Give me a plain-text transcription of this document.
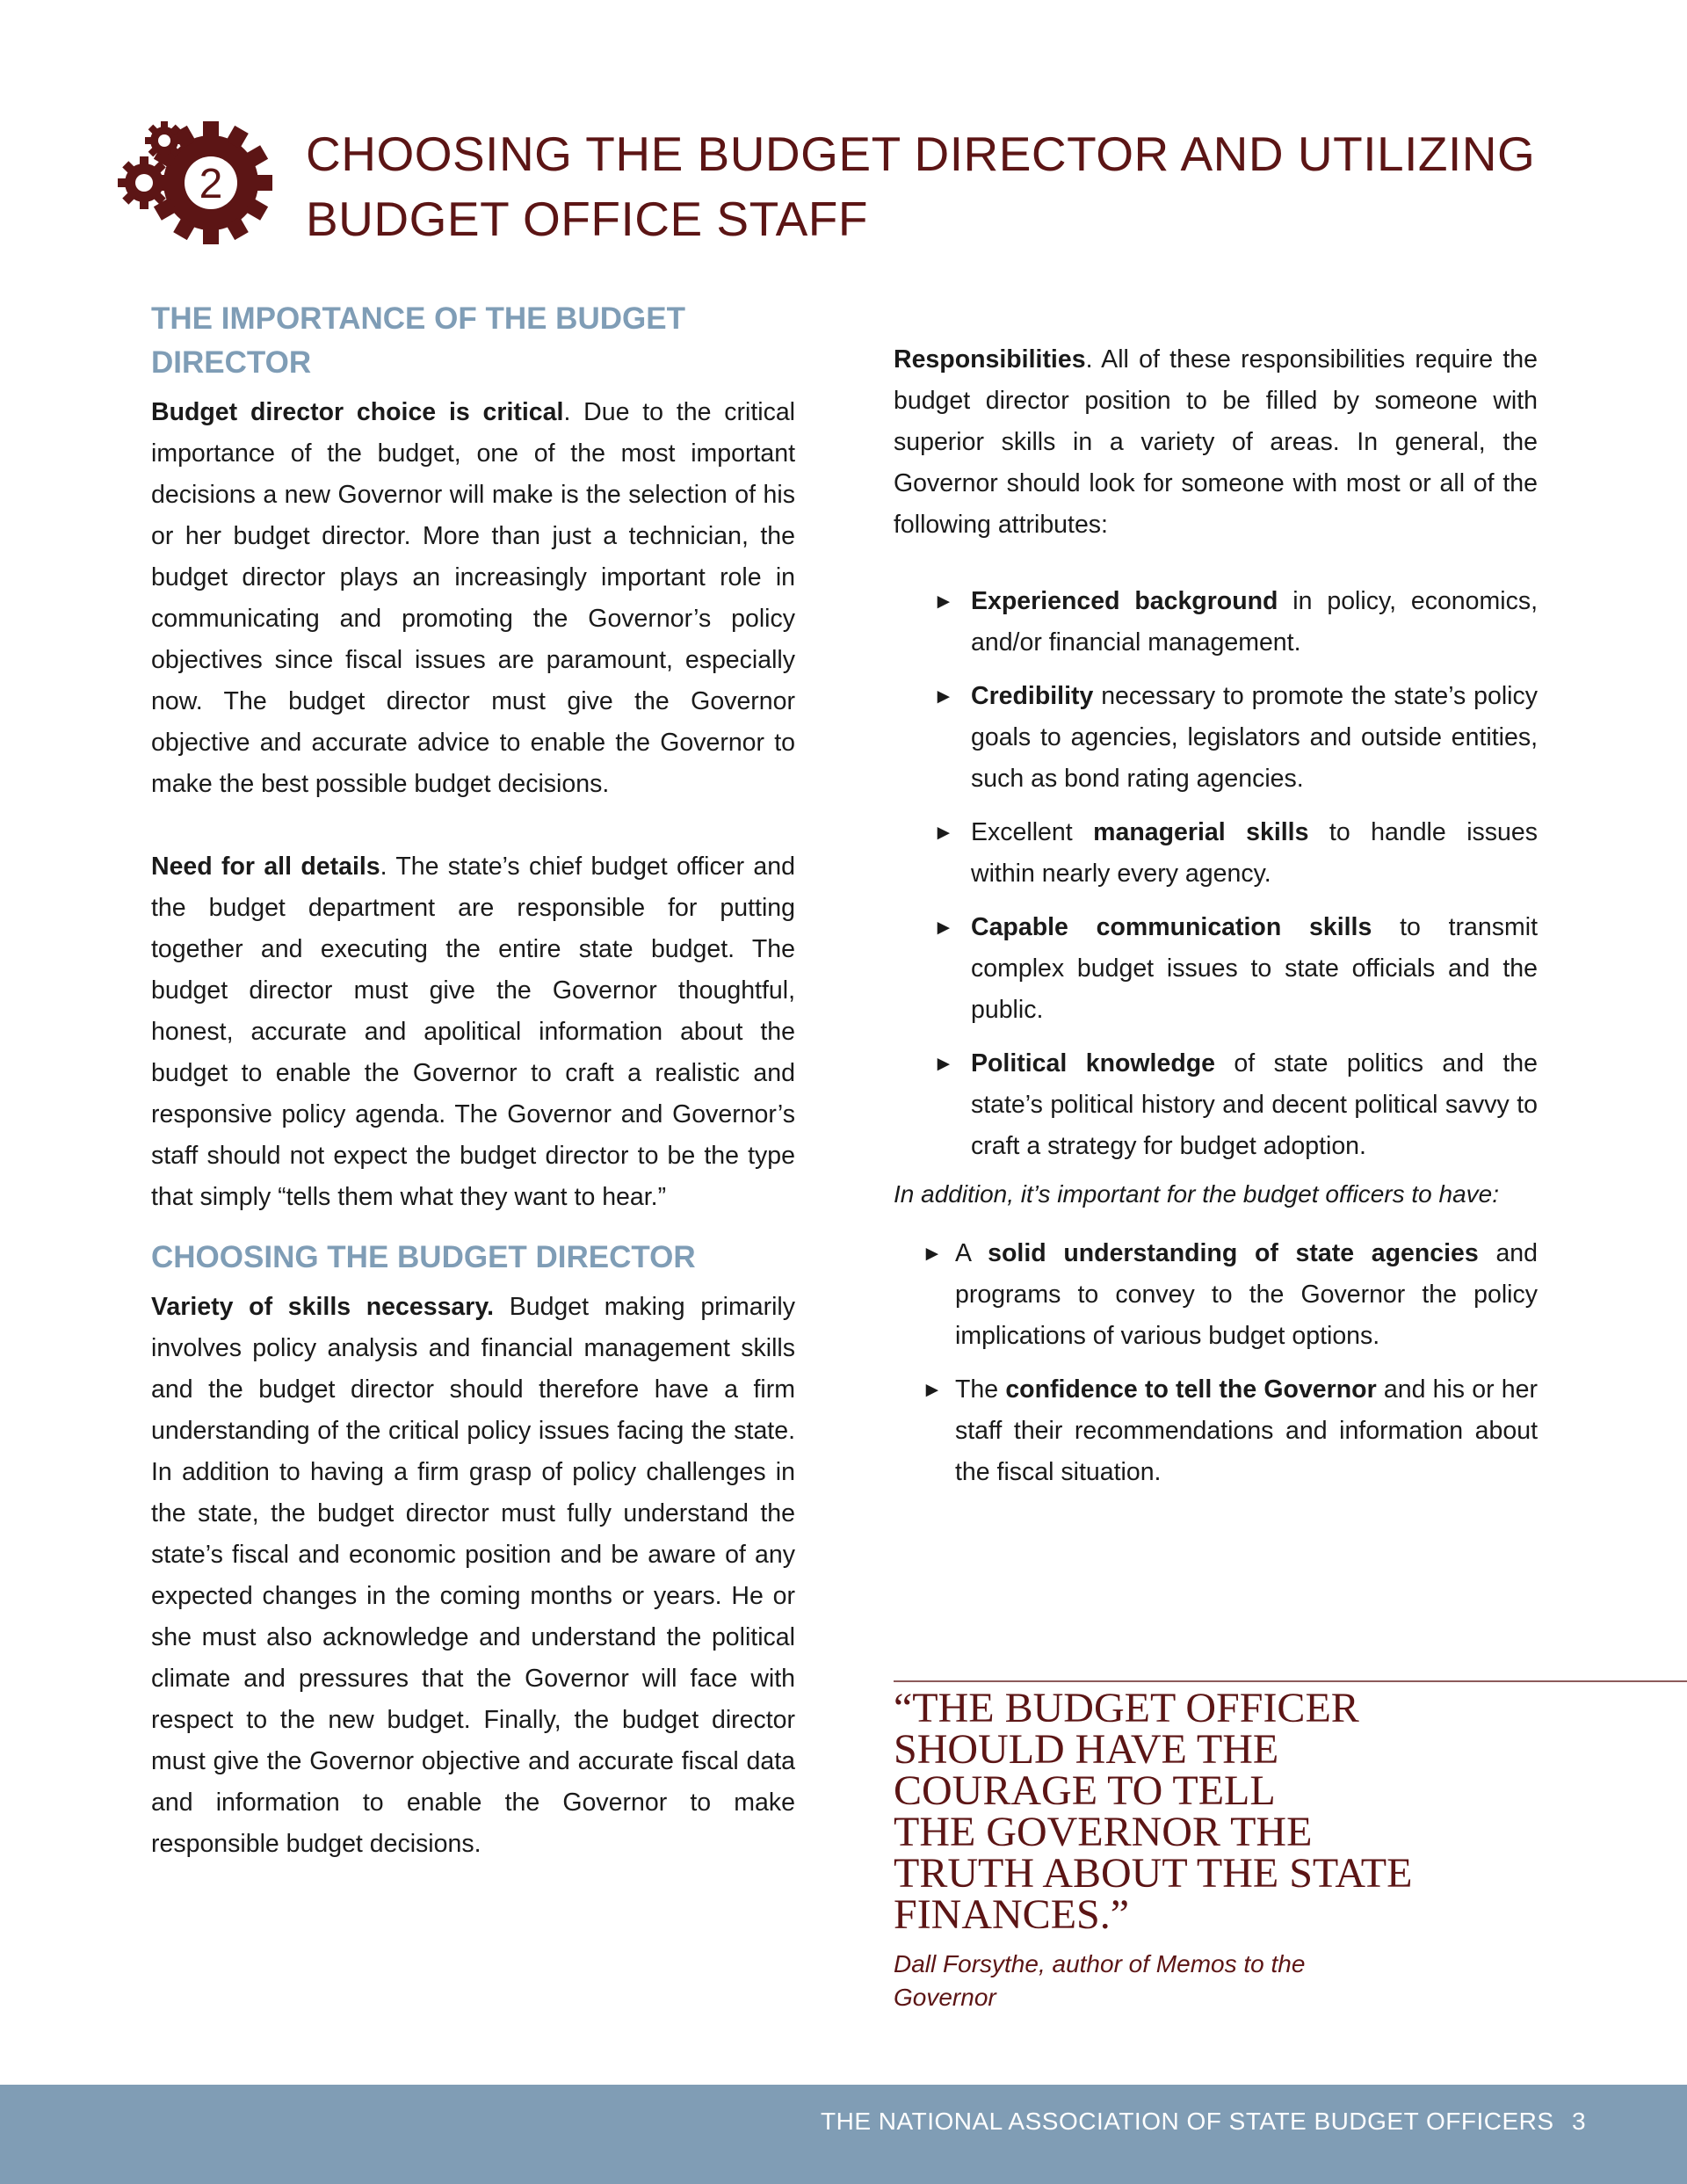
2
CHOOSING THE BUDGET DIRECTOR AND UTILIZING
BUDGET OFFICE STAFF
THE IMPORTANCE OF THE BUDGET
DIRECTOR

Budget director choice is critical. Due to the critical importance of the budget, one of the most important decisions a new Governor will make is the selection of his or her budget director. More than just a technician, the budget director plays an increasingly important role in communicating and promoting the Governor’s policy objectives since fiscal issues are paramount, especially now. The budget director must give the Governor objective and accurate advice to enable the Governor to make the best possible budget decisions.

Need for all details. The state’s chief budget officer and the budget department are responsible for putting together and executing the entire state budget. The budget director must give the Governor thoughtful, honest, accurate and apolitical information about the budget to enable the Governor to craft a realistic and responsive policy agenda. The Governor and Governor’s staff should not expect the budget director to be the type that simply “tells them what they want to hear.”

CHOOSING THE BUDGET DIRECTOR

Variety of skills necessary. Budget making primarily involves policy analysis and financial management skills and the budget director should therefore have a firm understanding of the critical policy issues facing the state. In addition to having a firm grasp of policy challenges in the state, the budget director must fully understand the state’s fiscal and economic position and be aware of any expected changes in the coming months or years. He or she must also acknowledge and understand the political climate and pressures that the Governor will face with respect to the new budget. Finally, the budget director must give the Governor objective and accurate fiscal data and information to enable the Governor to make responsible budget decisions.

Responsibilities. All of these responsibilities require the budget director position to be filled by someone with superior skills in a variety of areas. In general, the Governor should look for someone with most or all of the following attributes:

► Experienced background in policy, economics, and/or financial management.
► Credibility necessary to promote the state’s policy goals to agencies, legislators and outside entities, such as bond rating agencies.
► Excellent managerial skills to handle issues within nearly every agency.
► Capable communication skills to transmit complex budget issues to state officials and the public.
► Political knowledge of state politics and the state’s political history and decent political savvy to craft a strategy for budget adoption.

In addition, it’s important for the budget officers to have:

► A solid understanding of state agencies and programs to convey to the Governor the policy implications of various budget options.
► The confidence to tell the Governor and his or her staff their recommendations and information about the fiscal situation.
“THE BUDGET OFFICER
SHOULD HAVE THE
COURAGE TO TELL
THE GOVERNOR THE
TRUTH ABOUT THE STATE
FINANCES.”
Dall Forsythe, author of Memos to the
Governor
THE NATIONAL ASSOCIATION OF STATE BUDGET OFFICERS 3
